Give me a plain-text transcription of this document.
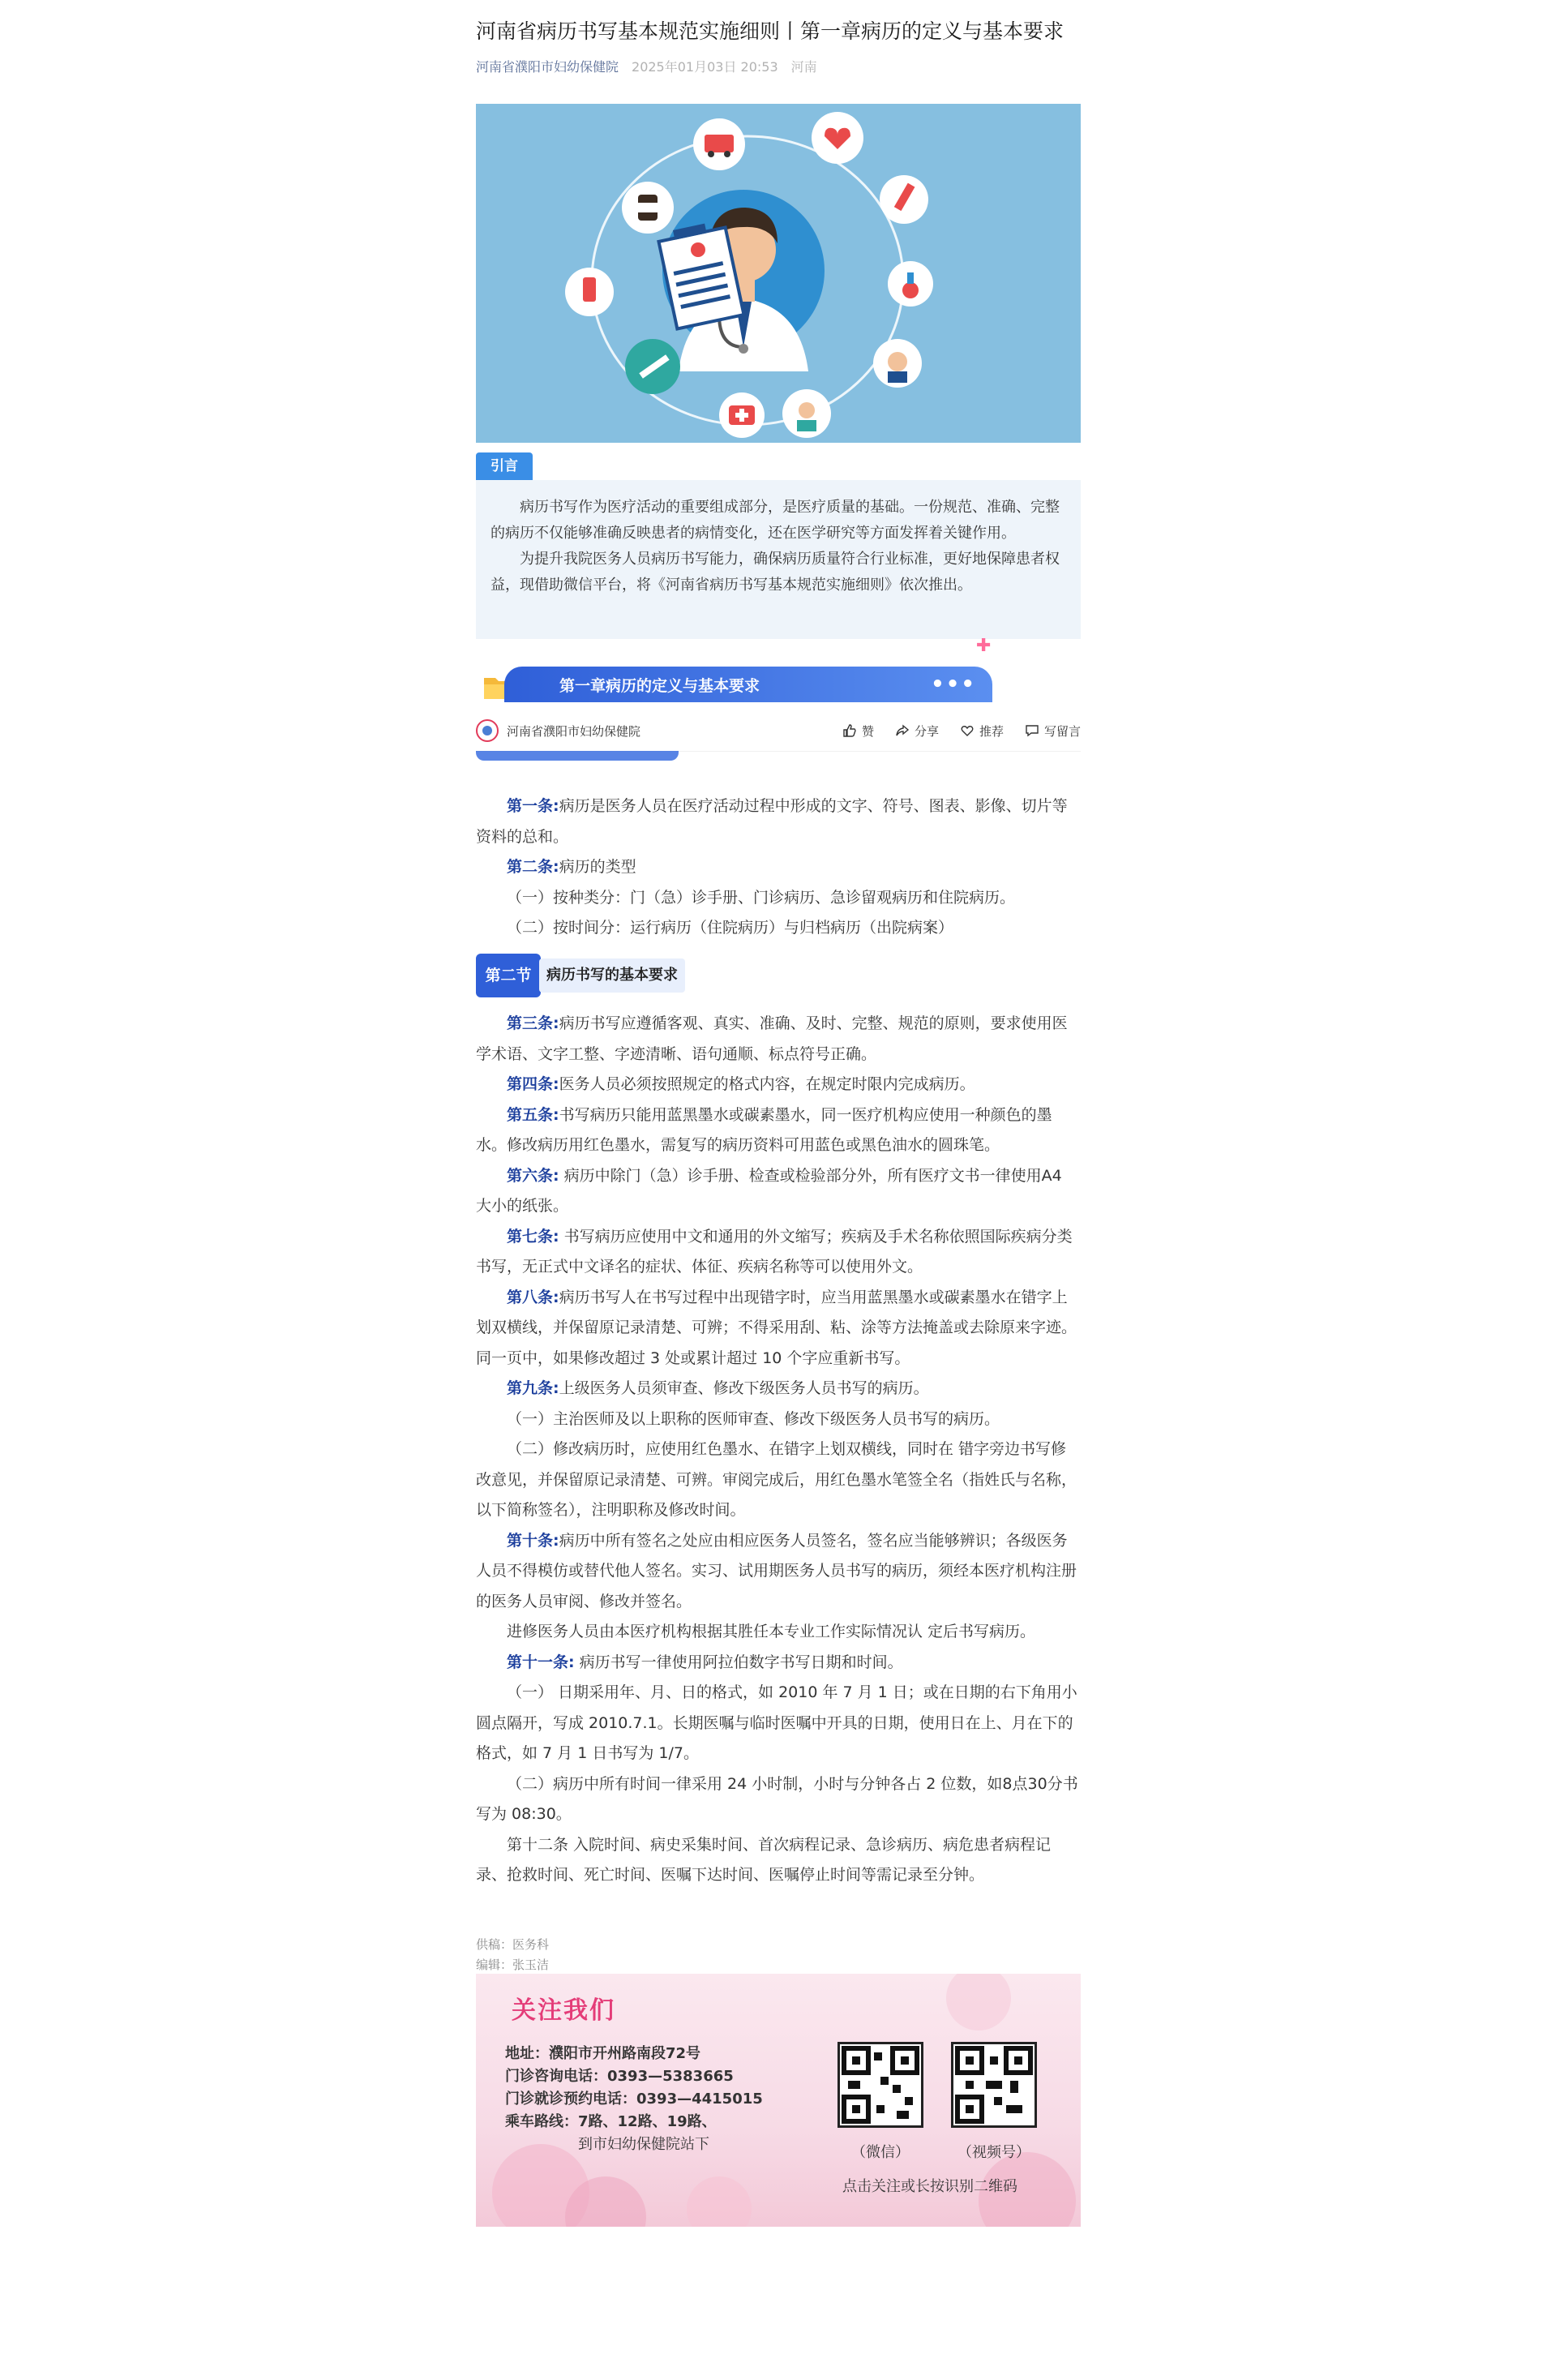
河南省病历书写基本规范实施细则丨第一章病历的定义与基本要求
河南省濮阳市妇幼保健院 2025年01月03日 20:53 河南
引言

病历书写作为医疗活动的重要组成部分，是医疗质量的基础。一份规范、准确、完整的病历不仅能够准确反映患者的病情变化，还在医学研究等方面发挥着关键作用。

为提升我院医务人员病历书写能力，确保病历质量符合行业标准，更好地保障患者权益，现借助微信平台，将《河南省病历书写基本规范实施细则》依次推出。

✚
第一章病历的定义与基本要求	•••
河南省濮阳市妇幼保健院	赞	分享	推荐	写留言

第一条:病历是医务人员在医疗活动过程中形成的文字、符号、图表、影像、切片等资料的总和。

第二条:病历的类型

（一）按种类分：门（急）诊手册、门诊病历、急诊留观病历和住院病历。

（二）按时间分：运行病历（住院病历）与归档病历（出院病案）

第二节	病历书写的基本要求

第三条:病历书写应遵循客观、真实、准确、及时、完整、规范的原则，要求使用医学术语、文字工整、字迹清晰、语句通顺、标点符号正确。

第四条:医务人员必须按照规定的格式内容，在规定时限内完成病历。

第五条:书写病历只能用蓝黑墨水或碳素墨水，同一医疗机构应使用一种颜色的墨水。修改病历用红色墨水，需复写的病历资料可用蓝色或黑色油水的圆珠笔。

第六条: 病历中除门（急）诊手册、检查或检验部分外，所有医疗文书一律使用A4 大小的纸张。

第七条: 书写病历应使用中文和通用的外文缩写；疾病及手术名称依照国际疾病分类书写，无正式中文译名的症状、体征、疾病名称等可以使用外文。

第八条:病历书写人在书写过程中出现错字时，应当用蓝黑墨水或碳素墨水在错字上划双横线，并保留原记录清楚、可辨；不得采用刮、粘、涂等方法掩盖或去除原来字迹。同一页中，如果修改超过 3 处或累计超过 10 个字应重新书写。

第九条:上级医务人员须审查、修改下级医务人员书写的病历。

（一）主治医师及以上职称的医师审查、修改下级医务人员书写的病历。

（二）修改病历时，应使用红色墨水、在错字上划双横线，同时在 错字旁边书写修改意见，并保留原记录清楚、可辨。审阅完成后，用红色墨水笔签全名（指姓氏与名称，以下简称签名），注明职称及修改时间。

第十条:病历中所有签名之处应由相应医务人员签名，签名应当能够辨识；各级医务人员不得模仿或替代他人签名。实习、试用期医务人员书写的病历，须经本医疗机构注册的医务人员审阅、修改并签名。

进修医务人员由本医疗机构根据其胜任本专业工作实际情况认 定后书写病历。

第十一条: 病历书写一律使用阿拉伯数字书写日期和时间。

（一） 日期采用年、月、日的格式，如 2010 年 7 月 1 日；或在日期的右下角用小圆点隔开，写成 2010.7.1。长期医嘱与临时医嘱中开具的日期，使用日在上、月在下的格式，如 7 月 1 日书写为 1/7。

（二）病历中所有时间一律采用 24 小时制，小时与分钟各占 2 位数，如8点30分书写为 08:30。

第十二条 入院时间、病史采集时间、首次病程记录、急诊病历、病危患者病程记录、抢救时间、死亡时间、医嘱下达时间、医嘱停止时间等需记录至分钟。

供稿：医务科
编辑：张玉洁
关注我们
地址：濮阳市开州路南段72号
门诊咨询电话：0393—5383665
门诊就诊预约电话：0393—4415015
乘车路线：7路、12路、19路、
到市妇幼保健院站下	（微信）	（视频号）
点击关注或长按识别二维码
